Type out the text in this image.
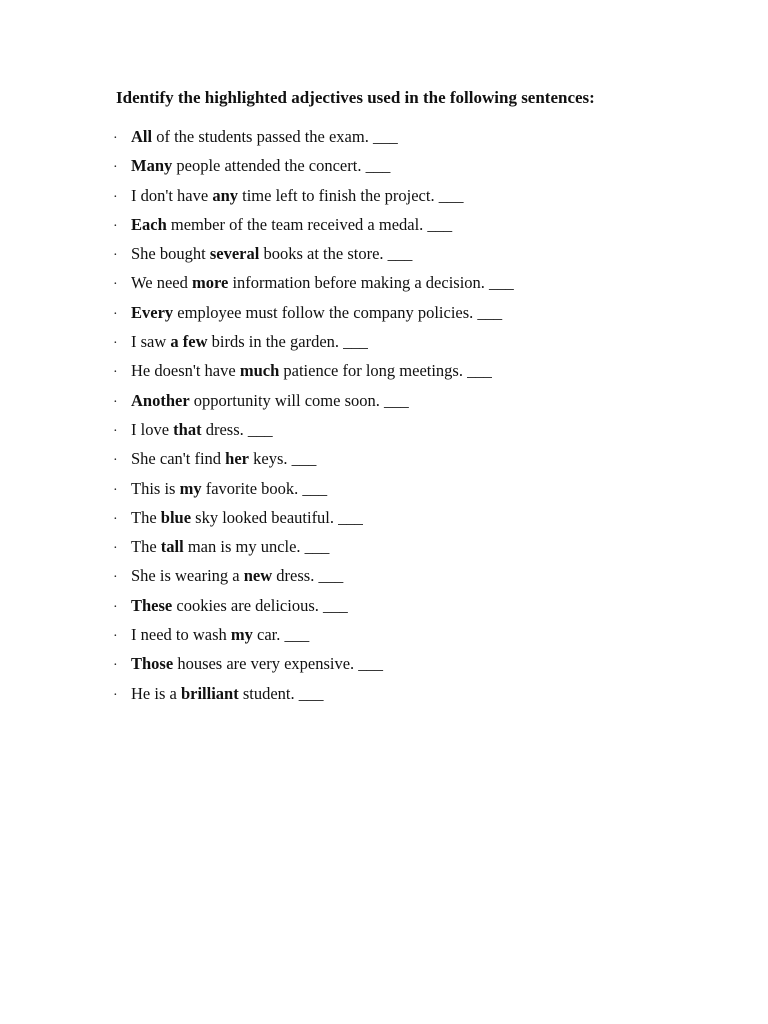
Identify the highlighted adjectives used in the following sentences:
· All of the students passed the exam. ___
· Many people attended the concert. ___
· I don't have any time left to finish the project. ___
· Each member of the team received a medal. ___
· She bought several books at the store. ___
· We need more information before making a decision. ___
· Every employee must follow the company policies. ___
· I saw a few birds in the garden. ___
· He doesn't have much patience for long meetings. ___
· Another opportunity will come soon. ___
· I love that dress. ___
· She can't find her keys. ___
· This is my favorite book. ___
· The blue sky looked beautiful. ___
· The tall man is my uncle. ___
· She is wearing a new dress. ___
· These cookies are delicious. ___
· I need to wash my car. ___
· Those houses are very expensive. ___
· He is a brilliant student. ___
